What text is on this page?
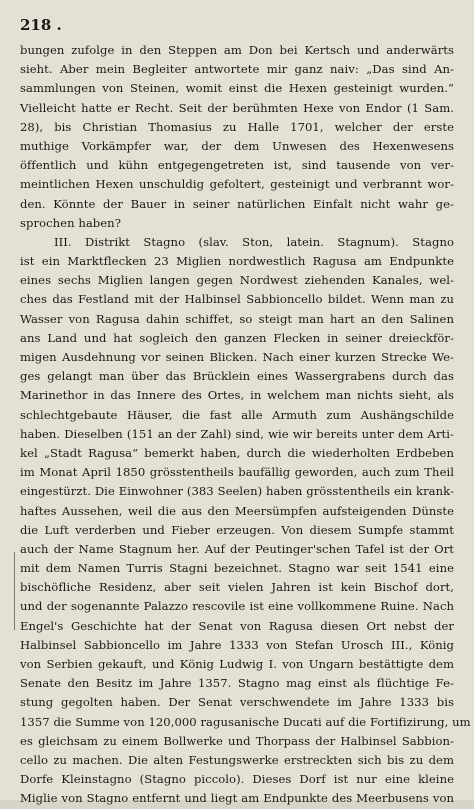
218 .
bungen zufolge in den Steppen am Don bei Kertsch und anderwärts
sieht. Aber mein Begleiter antwortete mir ganz naiv: „Das sind An-
sammlungen von Steinen, womit einst die Hexen gesteinigt wurden.“
Vielleicht hatte er Recht. Seit der berühmten Hexe von Endor (1 Sam.
28), bis Christian Thomasius zu Halle 1701, welcher der erste
muthige Vorkämpfer war, der dem Unwesen des Hexenwesens
öffentlich und kühn entgegengetreten ist, sind tausende von ver-
meintlichen Hexen unschuldig gefoltert, gesteinigt und verbrannt wor-
den. Könnte der Bauer in seiner natürlichen Einfalt nicht wahr ge-
sprochen haben?
III. Distrikt Stagno (slav. Ston, latein. Stagnum). Stagno
ist ein Marktflecken 23 Miglien nordwestlich Ragusa am Endpunkte
eines sechs Miglien langen gegen Nordwest ziehenden Kanales, wel-
ches das Festland mit der Halbinsel Sabbioncello bildet. Wenn man zu
Wasser von Ragusa dahin schiffet, so steigt man hart an den Salinen
ans Land und hat sogleich den ganzen Flecken in seiner dreieckför-
migen Ausdehnung vor seinen Blicken. Nach einer kurzen Strecke We-
ges gelangt man über das Brücklein eines Wassergrabens durch das
Marinethor in das Innere des Ortes, in welchem man nichts sieht, als
schlechtgebaute Häuser, die fast alle Armuth zum Aushängschilde
haben. Dieselben (151 an der Zahl) sind, wie wir bereits unter dem Arti-
kel „Stadt Ragusa“ bemerkt haben, durch die wiederholten Erdbeben
im Monat April 1850 grösstentheils baufällig geworden, auch zum Theil
eingestürzt. Die Einwohner (383 Seelen) haben grösstentheils ein krank-
haftes Aussehen, weil die aus den Meersümpfen aufsteigenden Dünste
die Luft verderben und Fieber erzeugen. Von diesem Sumpfe stammt
auch der Name Stagnum her. Auf der Peutinger'schen Tafel ist der Ort
mit dem Namen Turris Stagni bezeichnet. Stagno war seit 1541 eine
bischöfliche Residenz, aber seit vielen Jahren ist kein Bischof dort,
und der sogenannte Palazzo rescovile ist eine vollkommene Ruine. Nach
Engel's Geschichte hat der Senat von Ragusa diesen Ort nebst der
Halbinsel Sabbioncello im Jahre 1333 von Stefan Urosch III., König
von Serbien gekauft, und König Ludwig I. von Ungarn bestättigte dem
Senate den Besitz im Jahre 1357. Stagno mag einst als flüchtige Fe-
stung gegolten haben. Der Senat verschwendete im Jahre 1333 bis
1357 die Summe von 120,000 ragusanische Ducati auf die Fortifizirung, um
es gleichsam zu einem Bollwerke und Thorpass der Halbinsel Sabbion-
cello zu machen. Die alten Festungswerke erstreckten sich bis zu dem
Dorfe Kleinstagno (Stagno piccolo). Dieses Dorf ist nur eine kleine
Miglie von Stagno entfernt und liegt am Endpunkte des Meerbusens von
